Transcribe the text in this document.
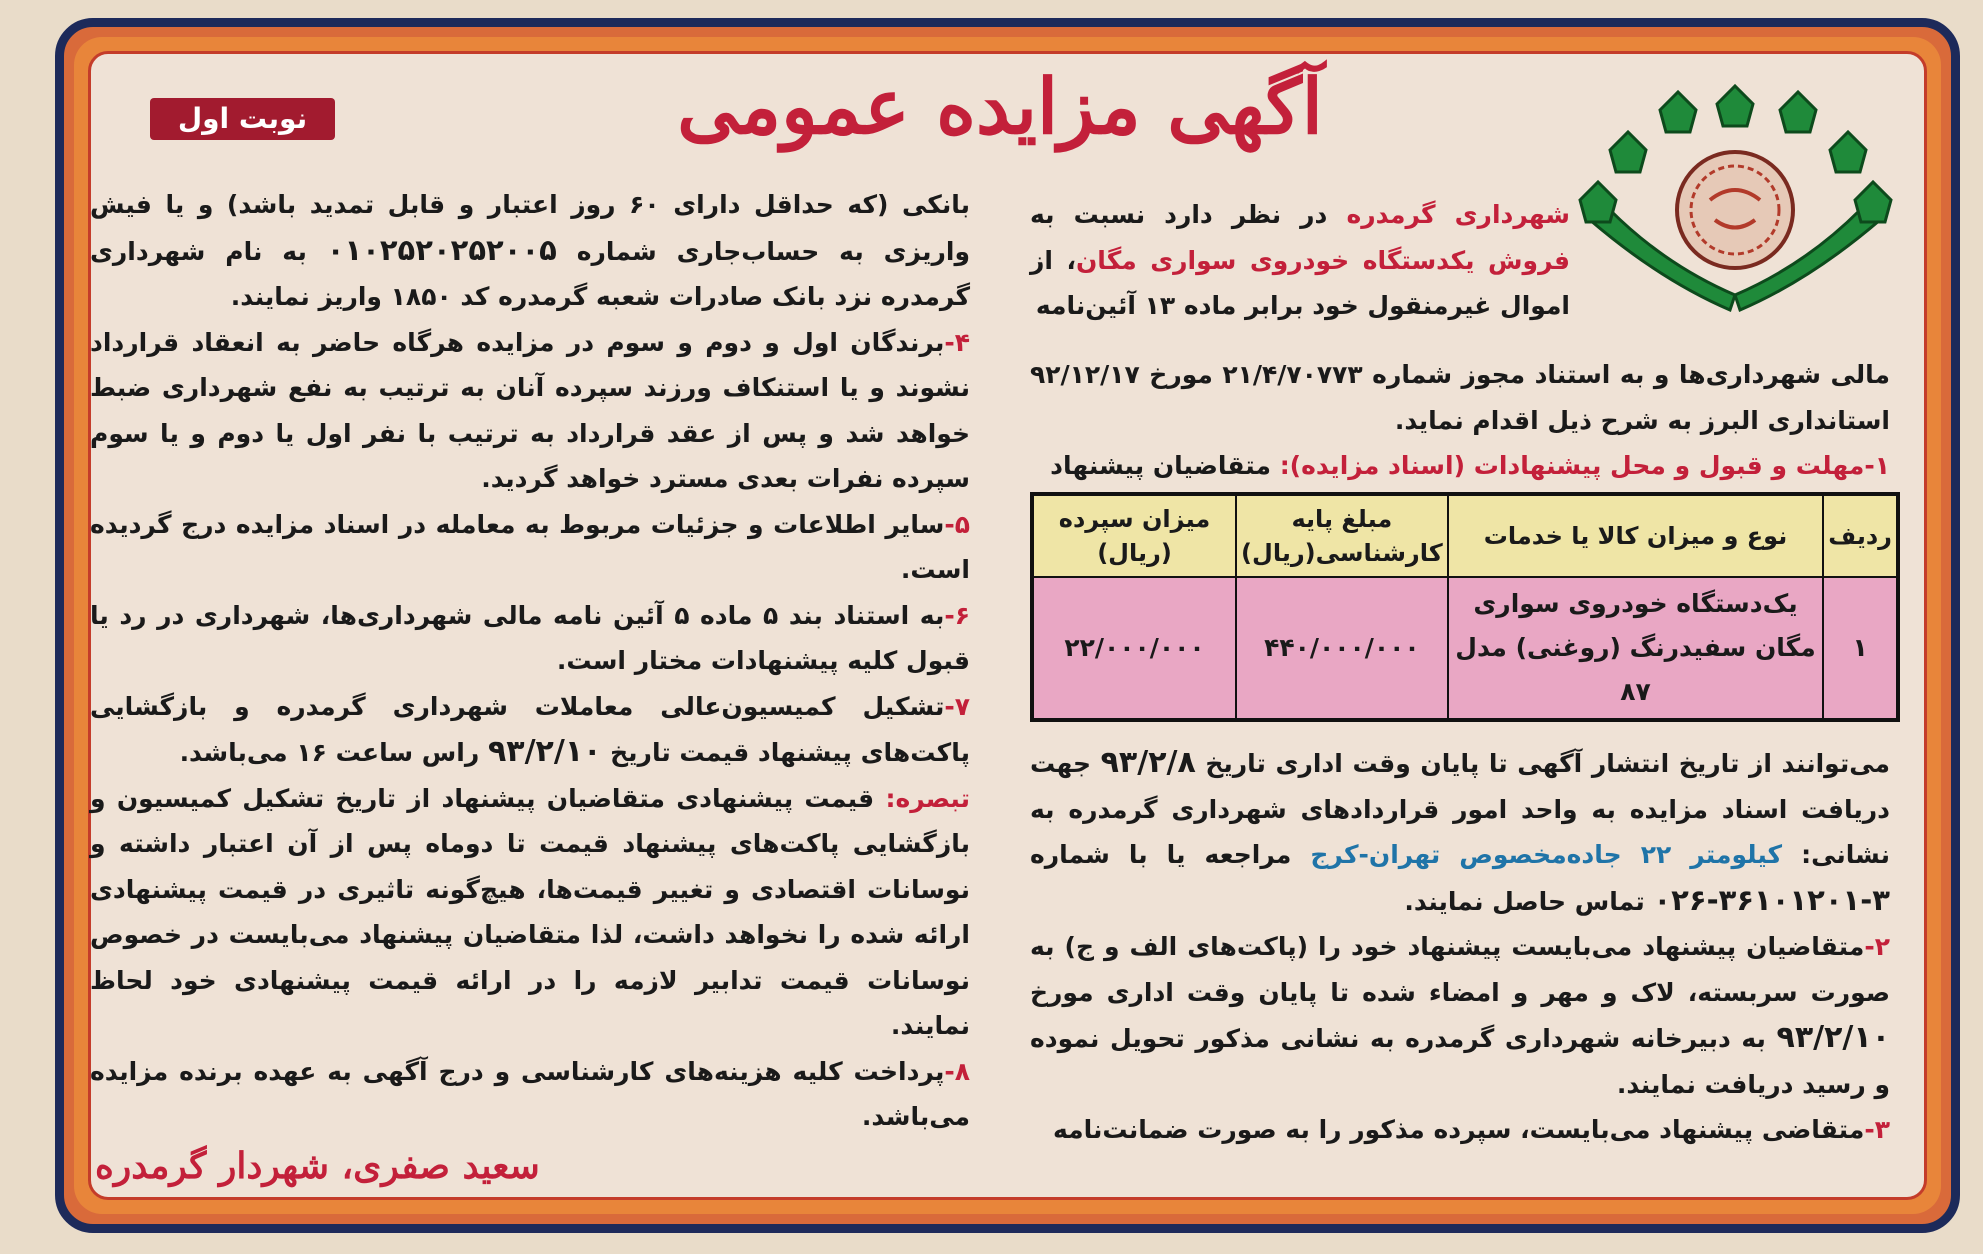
آگهی مزایده عمومی
نوبت اول

شهرداری گرمدره در نظر دارد نسبت به فروش یکدستگاه خودروی سواری مگان، از اموال غیرمنقول خود برابر ماده ۱۳ آئین‌نامه

مالی شهرداری‌ها و به استناد مجوز شماره ۲۱/۴/۷۰۷۷۳ مورخ ۹۲/۱۲/۱۷ استانداری البرز به شرح ذیل اقدام نماید.

۱-مهلت و قبول و محل پیشنهادات (اسناد مزایده): متقاضیان پیشنهاد

ردیف	نوع و میزان کالا یا خدمات	مبلغ پایه کارشناسی(ریال)	میزان سپرده (ریال)
۱	یک‌دستگاه خودروی سواری مگان سفیدرنگ (روغنی) مدل ۸۷	۴۴۰/۰۰۰/۰۰۰	۲۲/۰۰۰/۰۰۰

می‌توانند از تاریخ انتشار آگهی تا پایان وقت اداری تاریخ ۹۳/۲/۸ جهت دریافت اسناد مزایده به واحد امور قراردادهای شهرداری گرمدره به نشانی: کیلومتر ۲۲ جاده‌مخصوص تهران-کرج مراجعه یا با شماره ۳-۳۶۱۰۱۲۰۱-۰۲۶ تماس حاصل نمایند.

۲-متقاضیان پیشنهاد می‌بایست پیشنهاد خود را (پاکت‌های الف و ج) به صورت سربسته، لاک و مهر و امضاء شده تا پایان وقت اداری مورخ ۹۳/۲/۱۰ به دبیرخانه شهرداری گرمدره به نشانی مذکور تحویل نموده و رسید دریافت نمایند.

۳-متقاضی پیشنهاد می‌بایست، سپرده مذکور را به صورت ضمانت‌نامه

بانکی (که حداقل دارای ۶۰ روز اعتبار و قابل تمدید باشد) و یا فیش واریزی به حساب‌جاری شماره ۰۱۰۲۵۲۰۲۵۲۰۰۵ به نام شهرداری گرمدره نزد بانک صادرات شعبه گرمدره کد ۱۸۵۰ واریز نمایند.

۴-برندگان اول و دوم و سوم در مزایده هرگاه حاضر به انعقاد قرارداد نشوند و یا استنکاف ورزند سپرده آنان به ترتیب به نفع شهرداری ضبط خواهد شد و پس از عقد قرارداد به ترتیب با نفر اول یا دوم و یا سوم سپرده نفرات بعدی مسترد خواهد گردید.

۵-سایر اطلاعات و جزئیات مربوط به معامله در اسناد مزایده درج گردیده است.

۶-به استناد بند ۵ ماده ۵ آئین نامه مالی شهرداری‌ها، شهرداری در رد یا قبول کلیه پیشنهادات مختار است.

۷-تشکیل کمیسیون‌عالی معاملات شهرداری گرمدره و بازگشایی پاکت‌های پیشنهاد قیمت تاریخ ۹۳/۲/۱۰ راس ساعت ۱۶ می‌باشد.

تبصره: قیمت پیشنهادی متقاضیان پیشنهاد از تاریخ تشکیل کمیسیون و بازگشایی پاکت‌های پیشنهاد قیمت تا دوماه پس از آن اعتبار داشته و نوسانات اقتصادی و تغییر قیمت‌ها، هیچ‌گونه تاثیری در قیمت پیشنهادی ارائه شده را نخواهد داشت، لذا متقاضیان پیشنهاد می‌بایست در خصوص نوسانات قیمت تدابیر لازمه را در ارائه قیمت پیشنهادی خود لحاظ نمایند.

۸-پرداخت کلیه هزینه‌های کارشناسی و درج آگهی به عهده برنده مزایده می‌باشد.

سعید صفری، شهردار گرمدره
